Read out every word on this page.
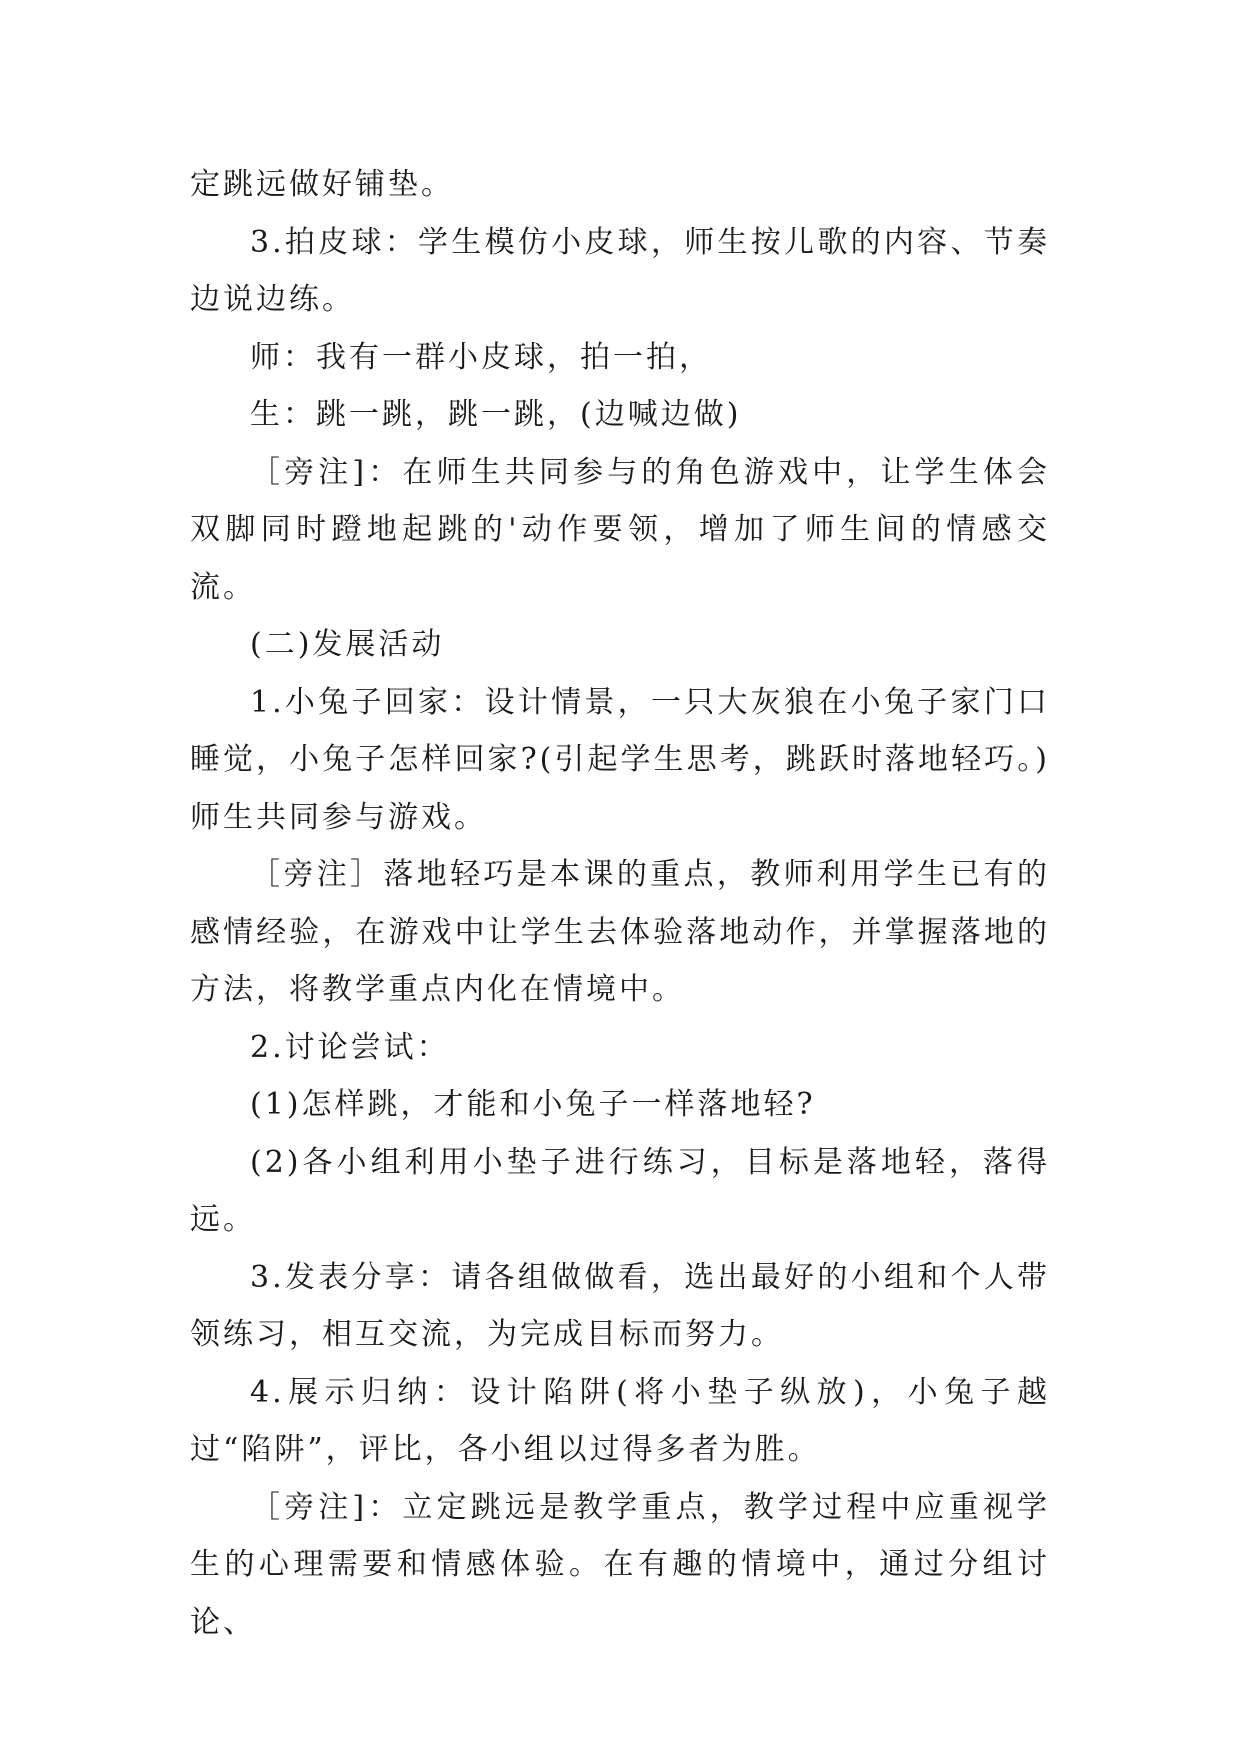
定跳远做好铺垫。

3.拍皮球：学生模仿小皮球，师生按儿歌的内容、节奏边说边练。

师：我有一群小皮球，拍一拍，

生：跳一跳，跳一跳，(边喊边做)

［旁注]：在师生共同参与的角色游戏中，让学生体会双脚同时蹬地起跳的'动作要领，增加了师生间的情感交流。

(二)发展活动

1.小兔子回家：设计情景，一只大灰狼在小兔子家门口睡觉，小兔子怎样回家?(引起学生思考，跳跃时落地轻巧。)师生共同参与游戏。

［旁注］落地轻巧是本课的重点，教师利用学生已有的感情经验，在游戏中让学生去体验落地动作，并掌握落地的方法，将教学重点内化在情境中。

2.讨论尝试：

(1)怎样跳，才能和小兔子一样落地轻?

(2)各小组利用小垫子进行练习，目标是落地轻，落得远。

3.发表分享：请各组做做看，选出最好的小组和个人带领练习，相互交流，为完成目标而努力。

4.展示归纳：设计陷阱(将小垫子纵放)，小兔子越过“陷阱”，评比，各小组以过得多者为胜。

［旁注]：立定跳远是教学重点，教学过程中应重视学生的心理需要和情感体验。在有趣的情境中，通过分组讨论、
